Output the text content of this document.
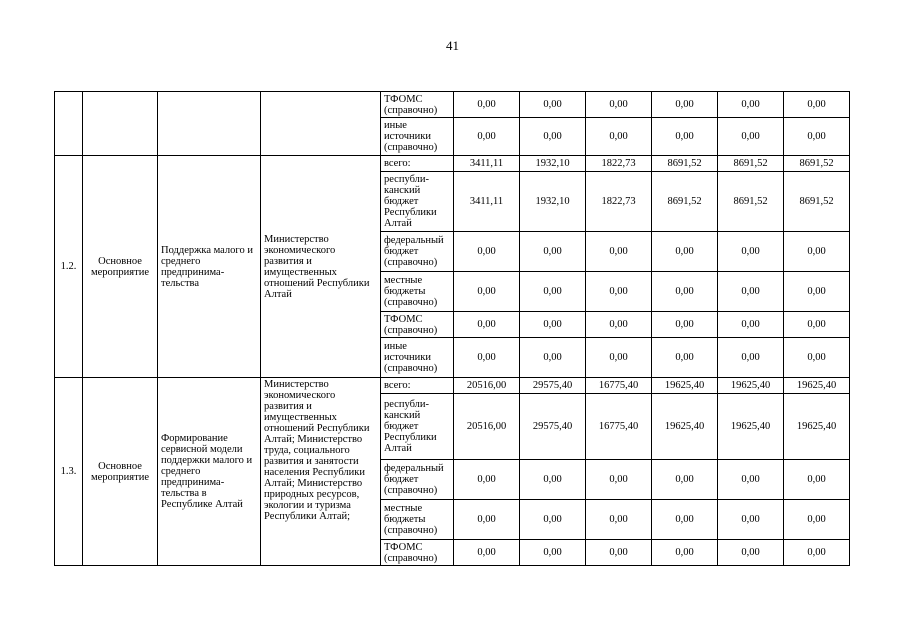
41
				ТФОМС (справочно)	0,00	0,00	0,00	0,00	0,00	0,00
				иные источники (справочно)	0,00	0,00	0,00	0,00	0,00	0,00
1.2.	Основное мероприятие	Поддержка малого и среднего предпринима-тельства	Министерство экономического развития и имущественных отношений Республики Алтай	всего:	3411,11	1932,10	1822,73	8691,52	8691,52	8691,52
				республи-канский бюджет Республики Алтай	3411,11	1932,10	1822,73	8691,52	8691,52	8691,52
				федеральный бюджет (справочно)	0,00	0,00	0,00	0,00	0,00	0,00
				местные бюджеты (справочно)	0,00	0,00	0,00	0,00	0,00	0,00
				ТФОМС (справочно)	0,00	0,00	0,00	0,00	0,00	0,00
				иные источники (справочно)	0,00	0,00	0,00	0,00	0,00	0,00
1.3.	Основное мероприятие	Формирование сервисной модели поддержки малого и среднего предпринима-тельства в Республике Алтай	Министерство экономического развития и имущественных отношений Республики Алтай; Министерство труда, социального развития и занятости населения Республики Алтай; Министерство природных ресурсов, экологии и туризма Республики Алтай;	всего:	20516,00	29575,40	16775,40	19625,40	19625,40	19625,40
				республи-канский бюджет Республики Алтай	20516,00	29575,40	16775,40	19625,40	19625,40	19625,40
				федеральный бюджет (справочно)	0,00	0,00	0,00	0,00	0,00	0,00
				местные бюджеты (справочно)	0,00	0,00	0,00	0,00	0,00	0,00
				ТФОМС (справочно)	0,00	0,00	0,00	0,00	0,00	0,00
